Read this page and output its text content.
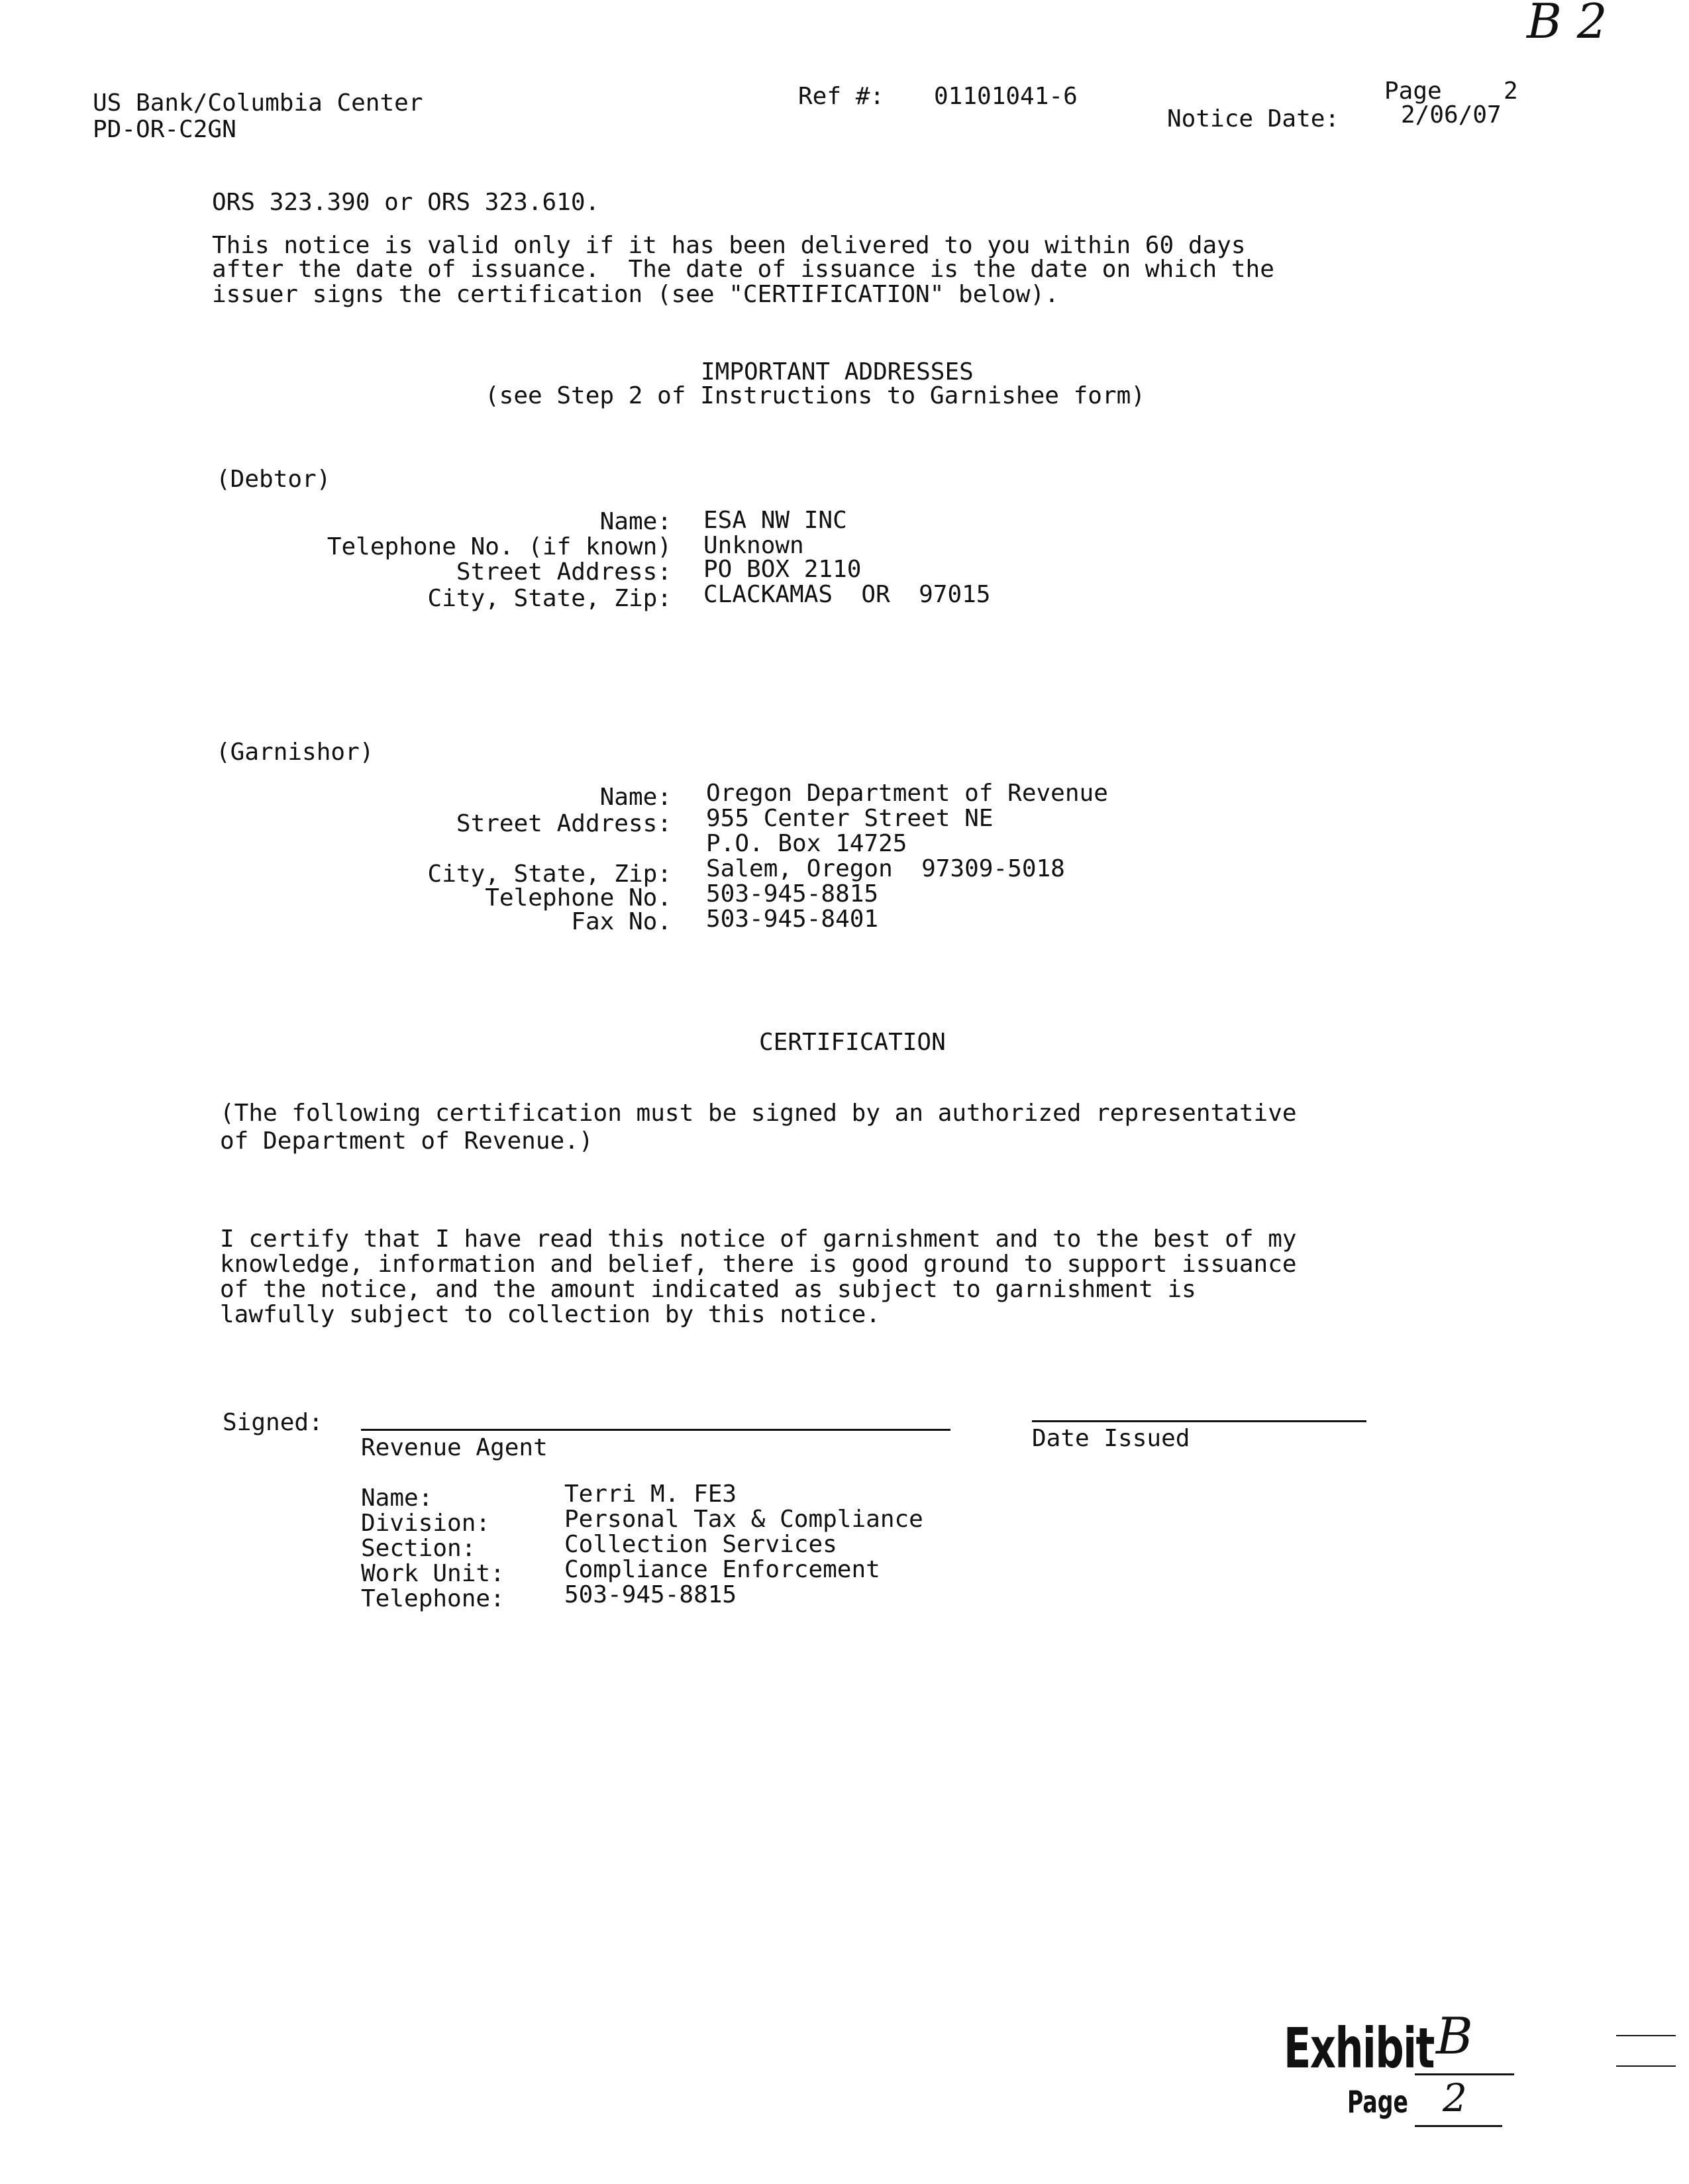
B 2
US Bank/Columbia Center
PD-OR-C2GN
Ref #: 01101041-6	Page	2
Notice Date:	2/06/07
ORS 323.390 or ORS 323.610.
This notice is valid only if it has been delivered to you within 60 days
after the date of issuance.  The date of issuance is the date on which the
issuer signs the certification (see "CERTIFICATION" below).
IMPORTANT ADDRESSES
(see Step 2 of Instructions to Garnishee form)
(Debtor)
Name: ESA NW INC
Telephone No. (if known) Unknown
Street Address: PO BOX 2110
City, State, Zip: CLACKAMAS  OR  97015
(Garnishor)
Name: Oregon Department of Revenue
Street Address: 955 Center Street NE
P.O. Box 14725
City, State, Zip: Salem, Oregon  97309-5018
Telephone No. 503-945-8815
Fax No. 503-945-8401
CERTIFICATION
(The following certification must be signed by an authorized representative
of Department of Revenue.)
I certify that I have read this notice of garnishment and to the best of my
knowledge, information and belief, there is good ground to support issuance
of the notice, and the amount indicated as subject to garnishment is
lawfully subject to collection by this notice.
Signed:
Revenue Agent	Date Issued
Name:	Terri M. FE3
Division:	Personal Tax & Compliance
Section:	Collection Services
Work Unit:	Compliance Enforcement
Telephone:	503-945-8815
Exhibit B
Page 2
